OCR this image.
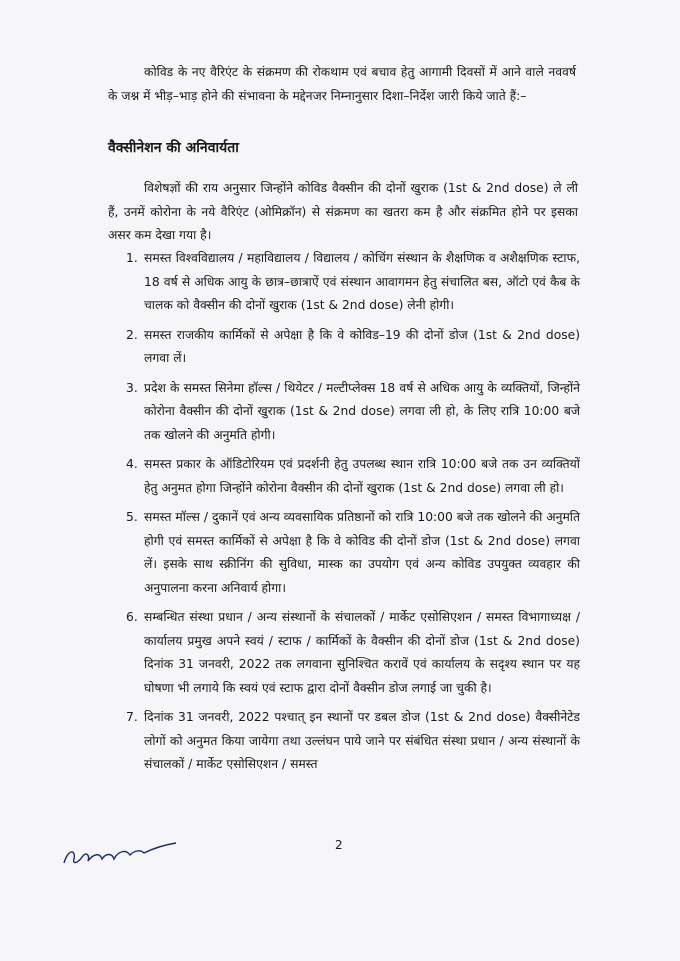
कोविड के नए वैरिएंट के संक्रमण की रोकथाम एवं बचाव हेतु आगामी दिवसों में आने वाले नववर्ष के जश्न में भीड़–भाड़ होने की संभावना के मद्देनजर निम्नानुसार दिशा–निर्देश जारी किये जाते हैं:–
वैक्सीनेशन की अनिवार्यता
विशेषज्ञों की राय अनुसार जिन्होंने कोविड वैक्सीन की दोनों खुराक (1st & 2nd dose) ले ली हैं, उनमें कोरोना के नये वैरिएंट (ओमिक्रॉन) से संक्रमण का खतरा कम है और संक्रमित होने पर इसका असर कम देखा गया है।
1. समस्त विश्वविद्यालय / महाविद्यालय / विद्यालय / कोचिंग संस्थान के शैक्षणिक व अशैक्षणिक स्टाफ, 18 वर्ष से अधिक आयु के छात्र–छात्राऐं एवं संस्थान आवागमन हेतु संचालित बस, ऑटो एवं कैब के चालक को वैक्सीन की दोनों खुराक (1st & 2nd dose) लेनी होगी।
2. समस्त राजकीय कार्मिकों से अपेक्षा है कि वे कोविड–19 की दोनों डोज (1st & 2nd dose) लगवा लें।
3. प्रदेश के समस्त सिनेमा हॉल्स / थियेटर / मल्टीप्लेक्स 18 वर्ष से अधिक आयु के व्यक्तियों, जिन्होंने कोरोना वैक्सीन की दोनों खुराक (1st & 2nd dose) लगवा ली हो, के लिए रात्रि 10:00 बजे तक खोलने की अनुमति होगी।
4. समस्त प्रकार के ऑडिटोरियम एवं प्रदर्शनी हेतु उपलब्ध स्थान रात्रि 10:00 बजे तक उन व्यक्तियों हेतु अनुमत होगा जिन्होंने कोरोना वैक्सीन की दोनों खुराक (1st & 2nd dose) लगवा ली हो।
5. समस्त मॉल्स / दुकानें एवं अन्य व्यवसायिक प्रतिष्ठानों को रात्रि 10:00 बजे तक खोलने की अनुमति होगी एवं समस्त कार्मिकों से अपेक्षा है कि वे कोविड की दोनों डोज (1st & 2nd dose) लगवा लें। इसके साथ स्क्रीनिंग की सुविधा, मास्क का उपयोग एवं अन्य कोविड उपयुक्त व्यवहार की अनुपालना करना अनिवार्य होगा।
6. सम्बन्धित संस्था प्रधान / अन्य संस्थानों के संचालकों / मार्केट एसोसिएशन / समस्त विभागाध्यक्ष / कार्यालय प्रमुख अपने स्वयं / स्टाफ / कार्मिकों के वैक्सीन की दोनों डोज (1st & 2nd dose) दिनांक 31 जनवरी, 2022 तक लगवाना सुनिश्चित करावें एवं कार्यालय के सदृश्य स्थान पर यह घोषणा भी लगाये कि स्वयं एवं स्टाफ द्वारा दोनों वैक्सीन डोज लगाई जा चुकी है।
7. दिनांक 31 जनवरी, 2022 पश्चात् इन स्थानों पर डबल डोज (1st & 2nd dose) वैक्सीनेटेड लोगों को अनुमत किया जायेगा तथा उल्लंघन पाये जाने पर संबंधित संस्था प्रधान / अन्य संस्थानों के संचालकों / मार्केट एसोसिएशन / समस्त
2
